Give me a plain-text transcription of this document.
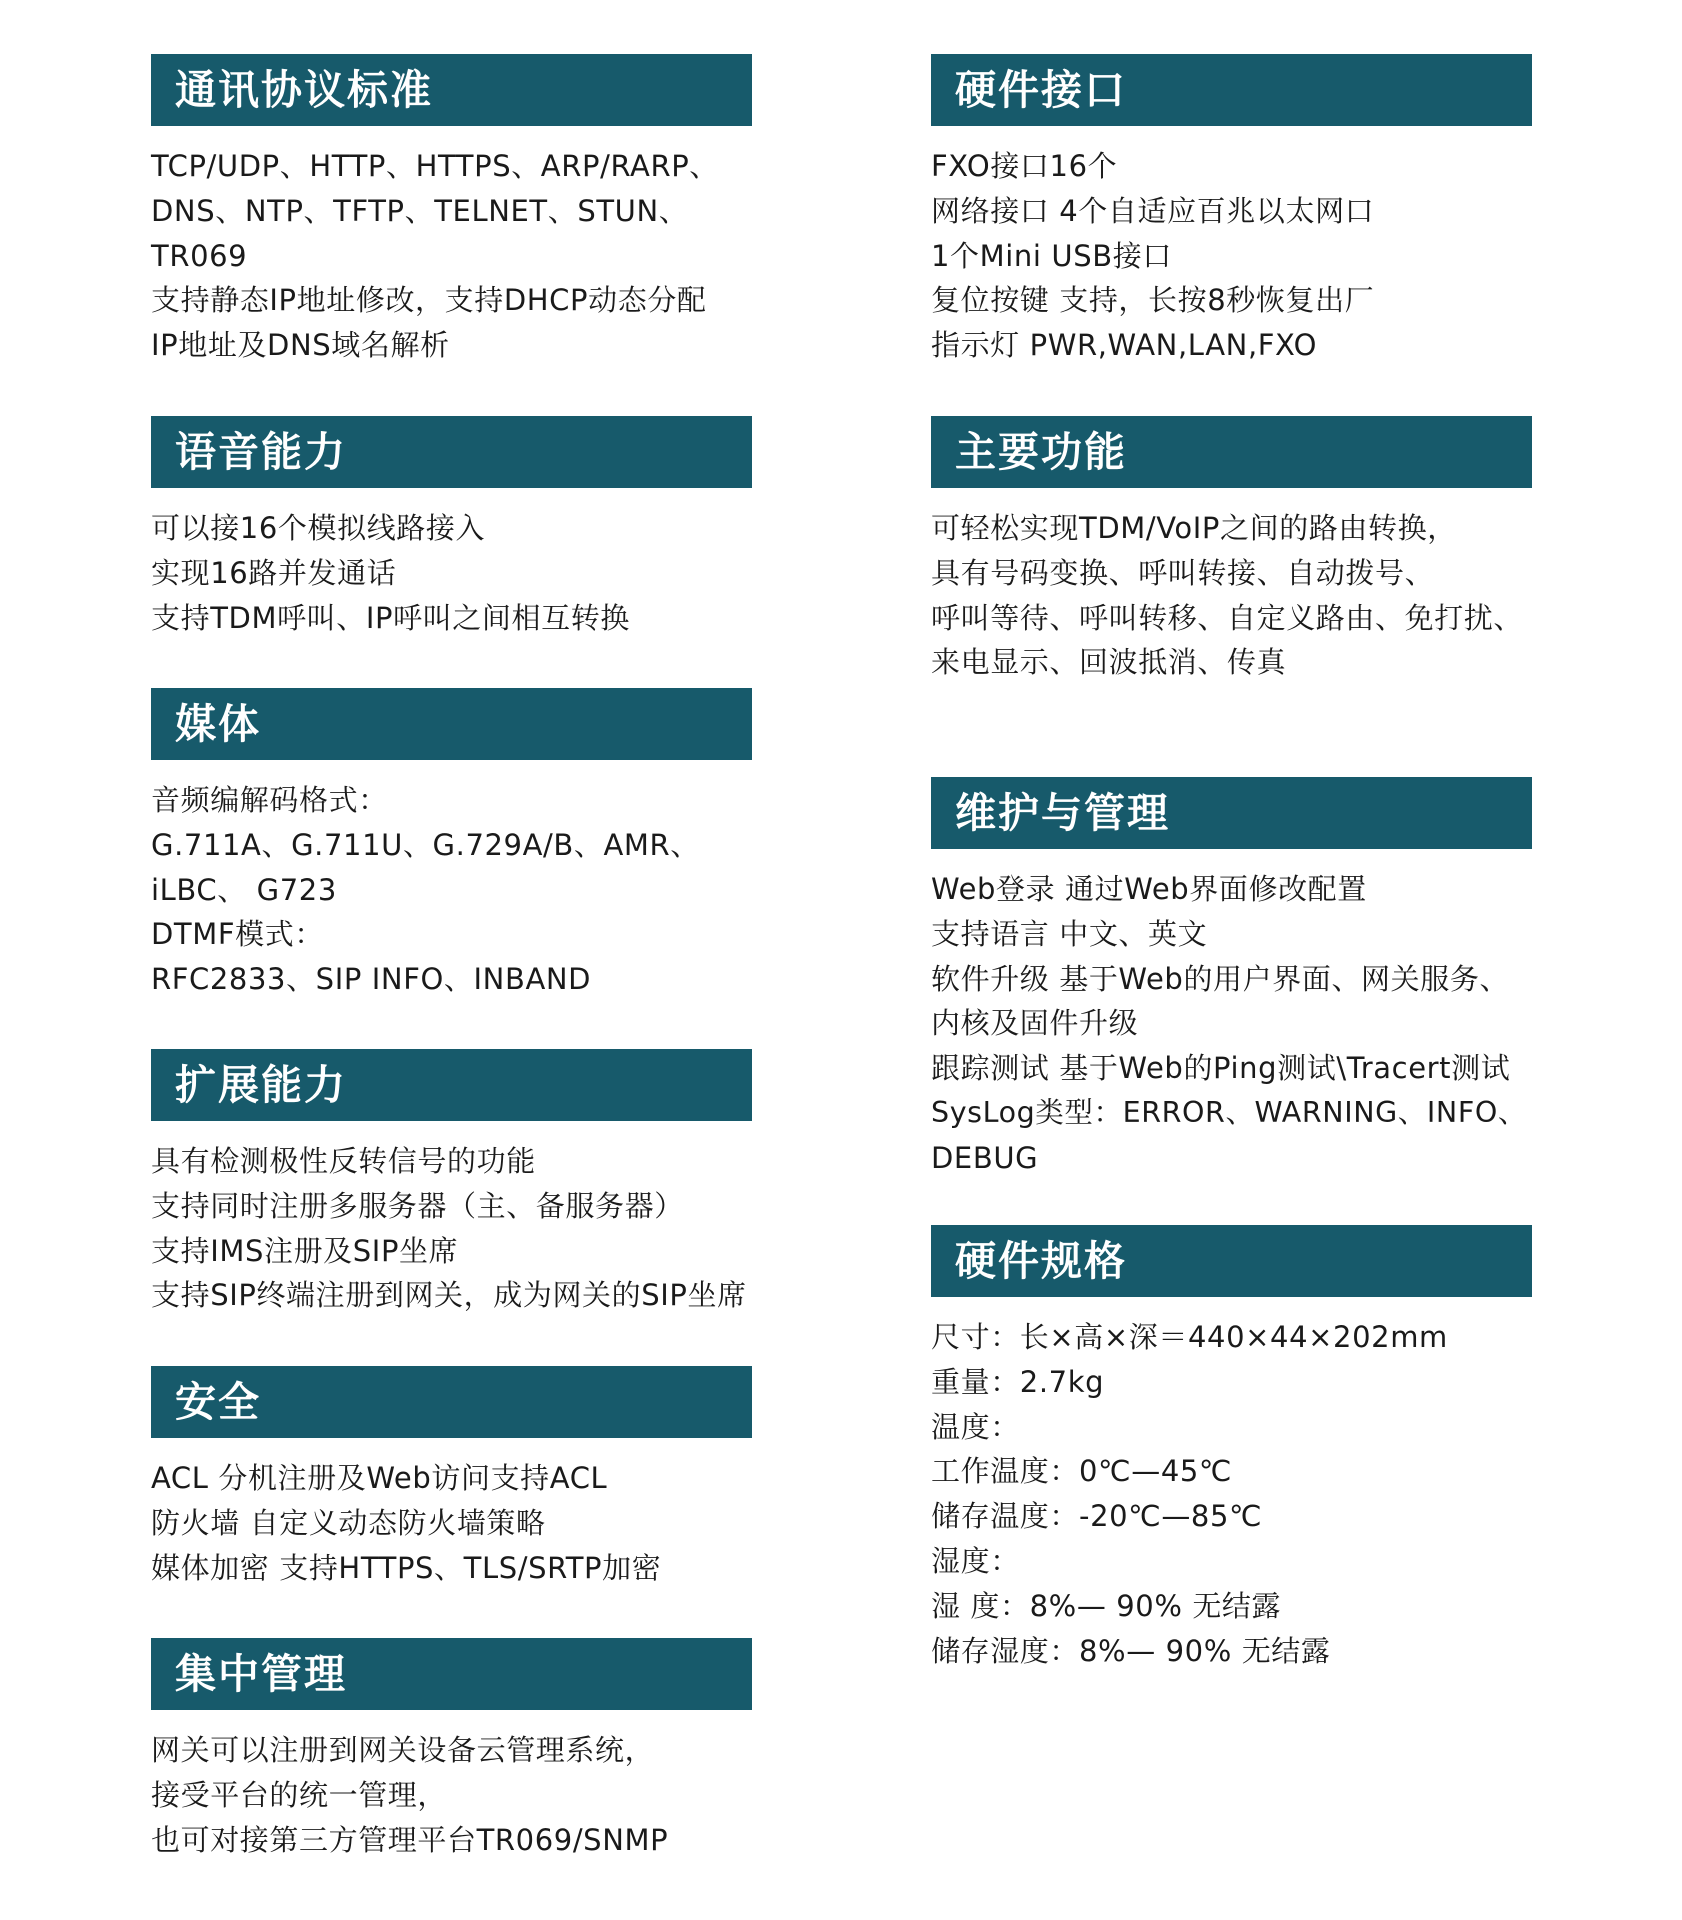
通讯协议标准
TCP/UDP、HTTP、HTTPS、ARP/RARP、
DNS、NTP、TFTP、TELNET、STUN、
TR069
支持静态IP地址修改，支持DHCP动态分配
IP地址及DNS域名解析
语音能力
可以接16个模拟线路接入
实现16路并发通话
支持TDM呼叫、IP呼叫之间相互转换
媒体
音频编解码格式：
G.711A、G.711U、G.729A/B、AMR、
iLBC、 G723
DTMF模式：
RFC2833、SIP INFO、INBAND
扩展能力
具有检测极性反转信号的功能
支持同时注册多服务器（主、备服务器）
支持IMS注册及SIP坐席
支持SIP终端注册到网关，成为网关的SIP坐席
安全
ACL 分机注册及Web访问支持ACL
防火墙 自定义动态防火墙策略
媒体加密 支持HTTPS、TLS/SRTP加密
集中管理
网关可以注册到网关设备云管理系统，
接受平台的统一管理，
也可对接第三方管理平台TR069/SNMP
硬件接口
FXO接口16个
网络接口 4个自适应百兆以太网口
1个Mini USB接口
复位按键 支持，长按8秒恢复出厂
指示灯 PWR,WAN,LAN,FXO
主要功能
可轻松实现TDM/VoIP之间的路由转换，
具有号码变换、呼叫转接、自动拨号、
呼叫等待、呼叫转移、自定义路由、免打扰、
来电显示、回波抵消、传真
维护与管理
Web登录 通过Web界面修改配置
支持语言 中文、英文
软件升级 基于Web的用户界面、网关服务、
内核及固件升级
跟踪测试 基于Web的Ping测试\Tracert测试
SysLog类型：ERROR、WARNING、INFO、
DEBUG
硬件规格
尺寸：长×高×深＝440×44×202mm
重量：2.7kg
温度：
工作温度：0℃—45℃
储存温度：-20℃—85℃
湿度：
湿 度：8%— 90% 无结露
储存湿度：8%— 90% 无结露
